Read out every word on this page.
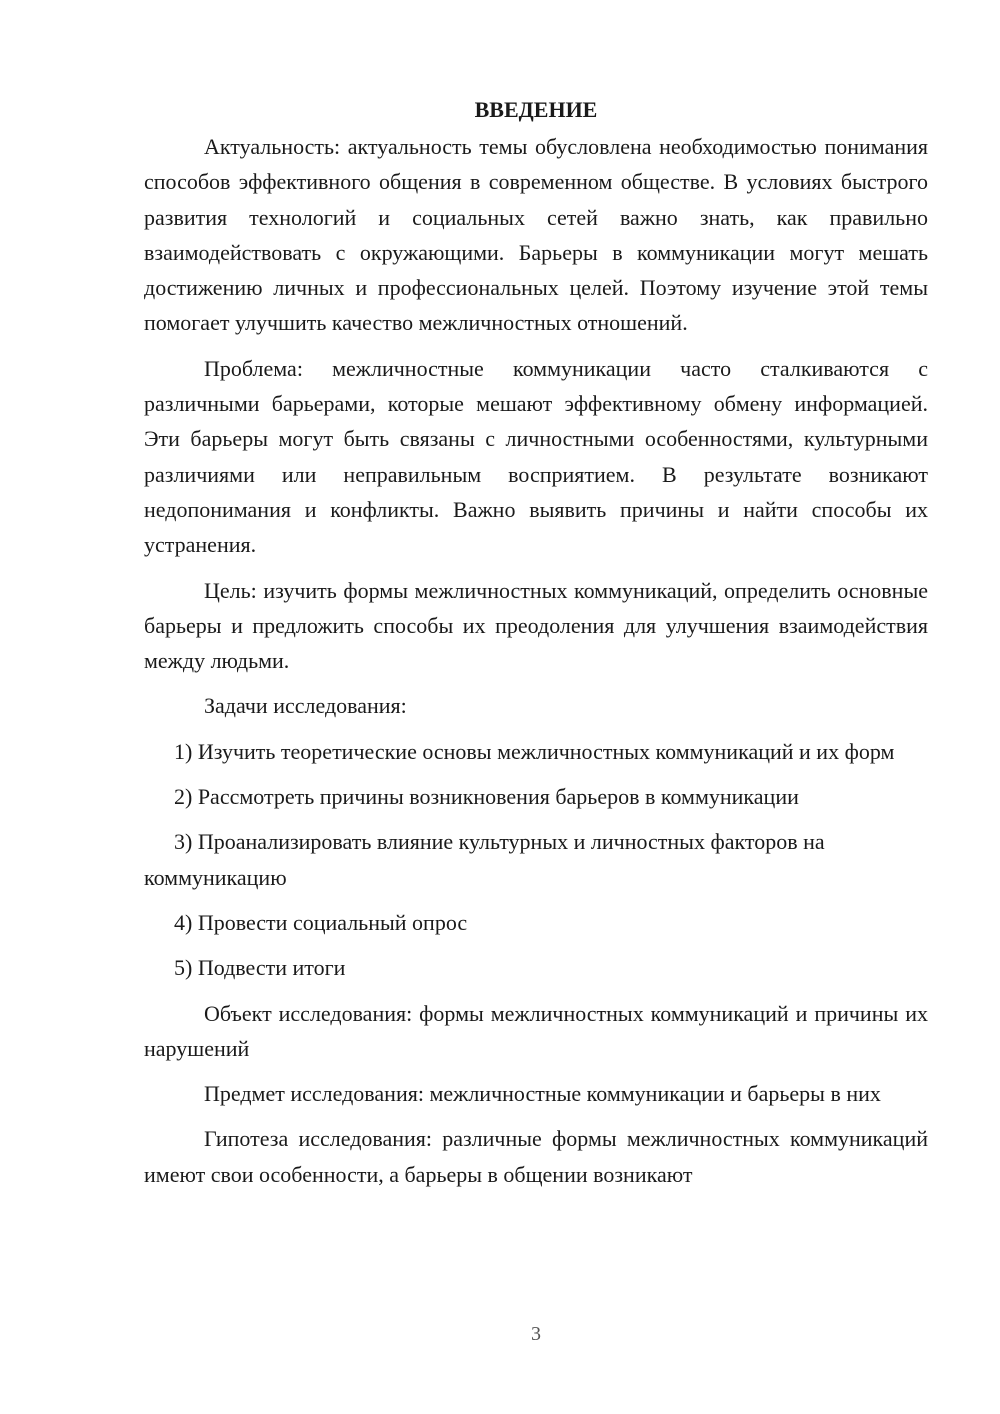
ВВЕДЕНИЕ

Актуальность: актуальность темы обусловлена необходимостью понимания способов эффективного общения в современном обществе. В условиях быстрого развития технологий и социальных сетей важно знать, как правильно взаимодействовать с окружающими. Барьеры в коммуникации могут мешать достижению личных и профессиональных целей. Поэтому изучение этой темы помогает улучшить качество межличностных отношений.

Проблема: межличностные коммуникации часто сталкиваются с различными барьерами, которые мешают эффективному обмену информацией. Эти барьеры могут быть связаны с личностными особенностями, культурными различиями или неправильным восприятием. В результате возникают недопонимания и конфликты. Важно выявить причины и найти способы их устранения.

Цель: изучить формы межличностных коммуникаций, определить основные барьеры и предложить способы их преодоления для улучшения взаимодействия между людьми.

Задачи исследования:

1) Изучить теоретические основы межличностных коммуникаций и их форм

2) Рассмотреть причины возникновения барьеров в коммуникации

3) Проанализировать влияние культурных и личностных факторов на коммуникацию

4) Провести социальный опрос

5) Подвести итоги

Объект исследования: формы межличностных коммуникаций и причины их нарушений

Предмет исследования: межличностные коммуникации и барьеры в них

Гипотеза исследования: различные формы межличностных коммуникаций имеют свои особенности, а барьеры в общении возникают

3
